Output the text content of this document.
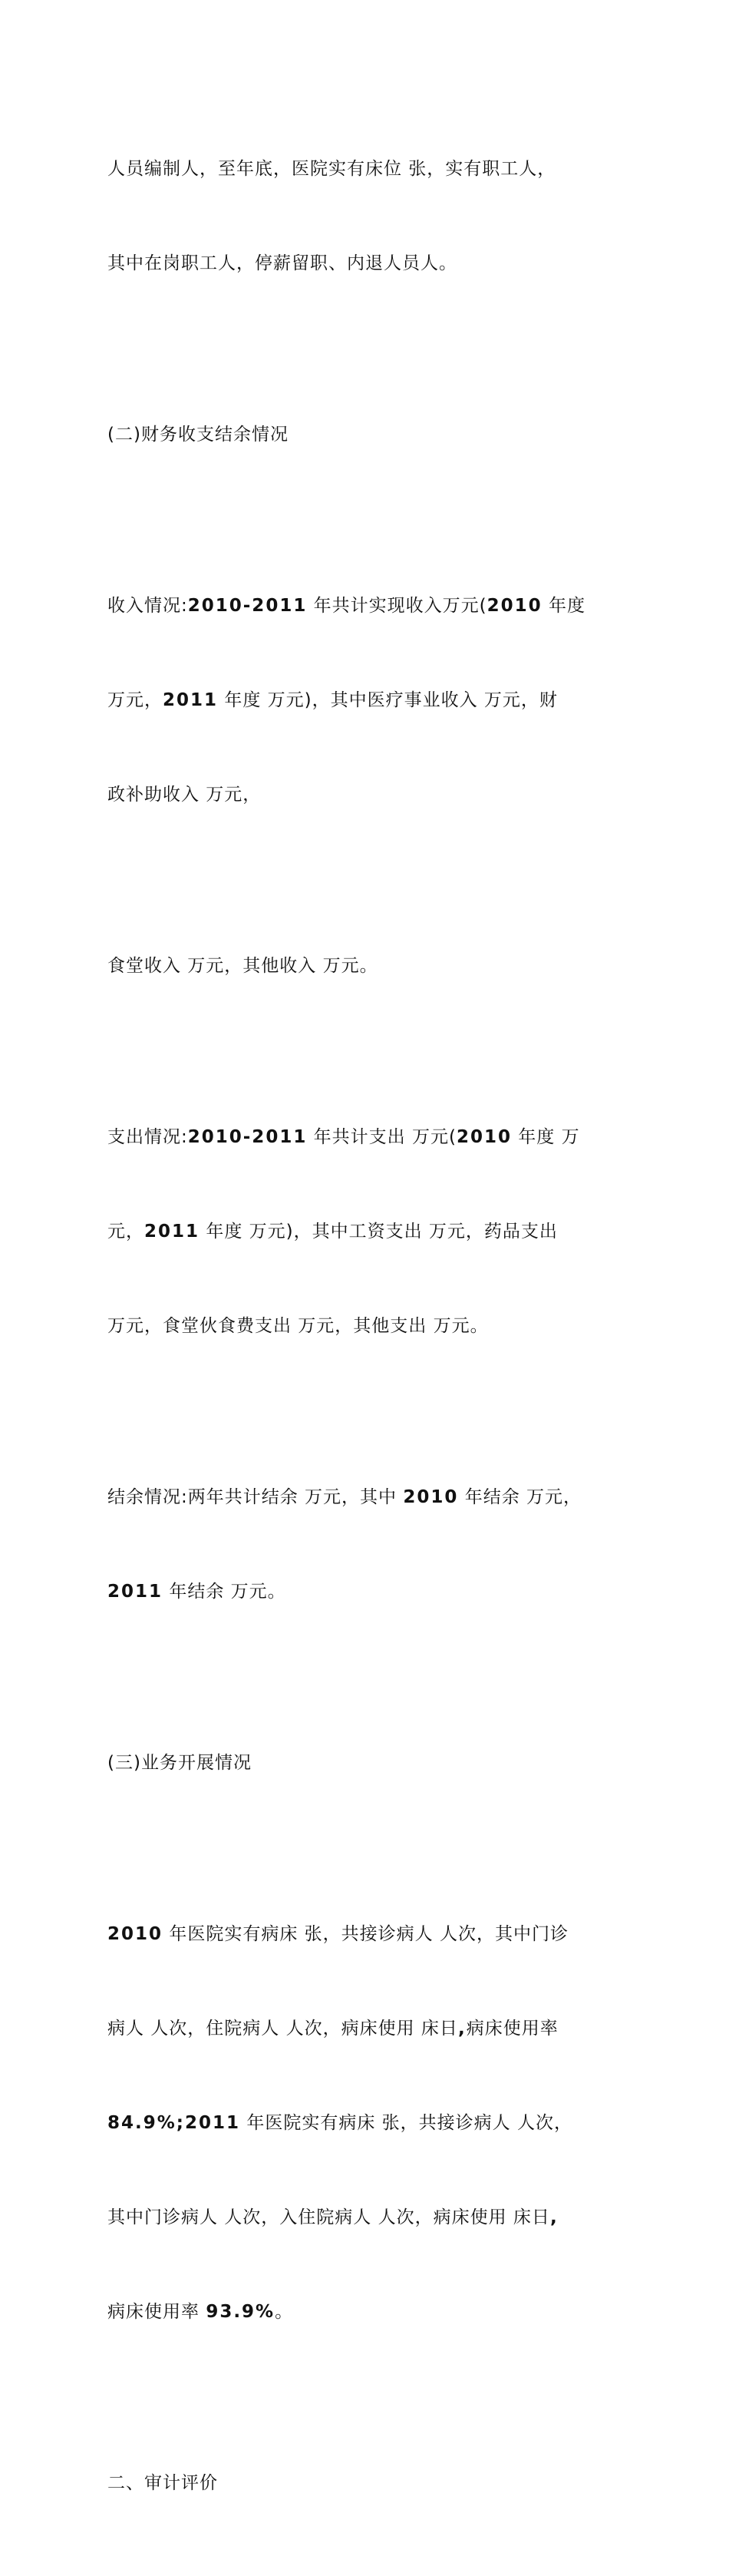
人员编制人，至年底，医院实有床位 张，实有职工人，

其中在岗职工人，停薪留职、内退人员人。

(二)财务收支结余情况

收入情况:2010-2011 年共计实现收入万元(2010 年度

万元，2011 年度 万元)，其中医疗事业收入 万元，财

政补助收入 万元，

食堂收入 万元，其他收入 万元。

支出情况:2010-2011 年共计支出 万元(2010 年度 万

元，2011 年度 万元)，其中工资支出 万元，药品支出

万元，食堂伙食费支出 万元，其他支出 万元。

结余情况:两年共计结余 万元，其中 2010 年结余 万元，

2011 年结余 万元。

(三)业务开展情况

2010 年医院实有病床 张，共接诊病人 人次，其中门诊

病人 人次，住院病人 人次，病床使用 床日,病床使用率

84.9%;2011 年医院实有病床 张，共接诊病人 人次，

其中门诊病人 人次，入住院病人 人次，病床使用 床日,

病床使用率 93.9%。

二、审计评价
